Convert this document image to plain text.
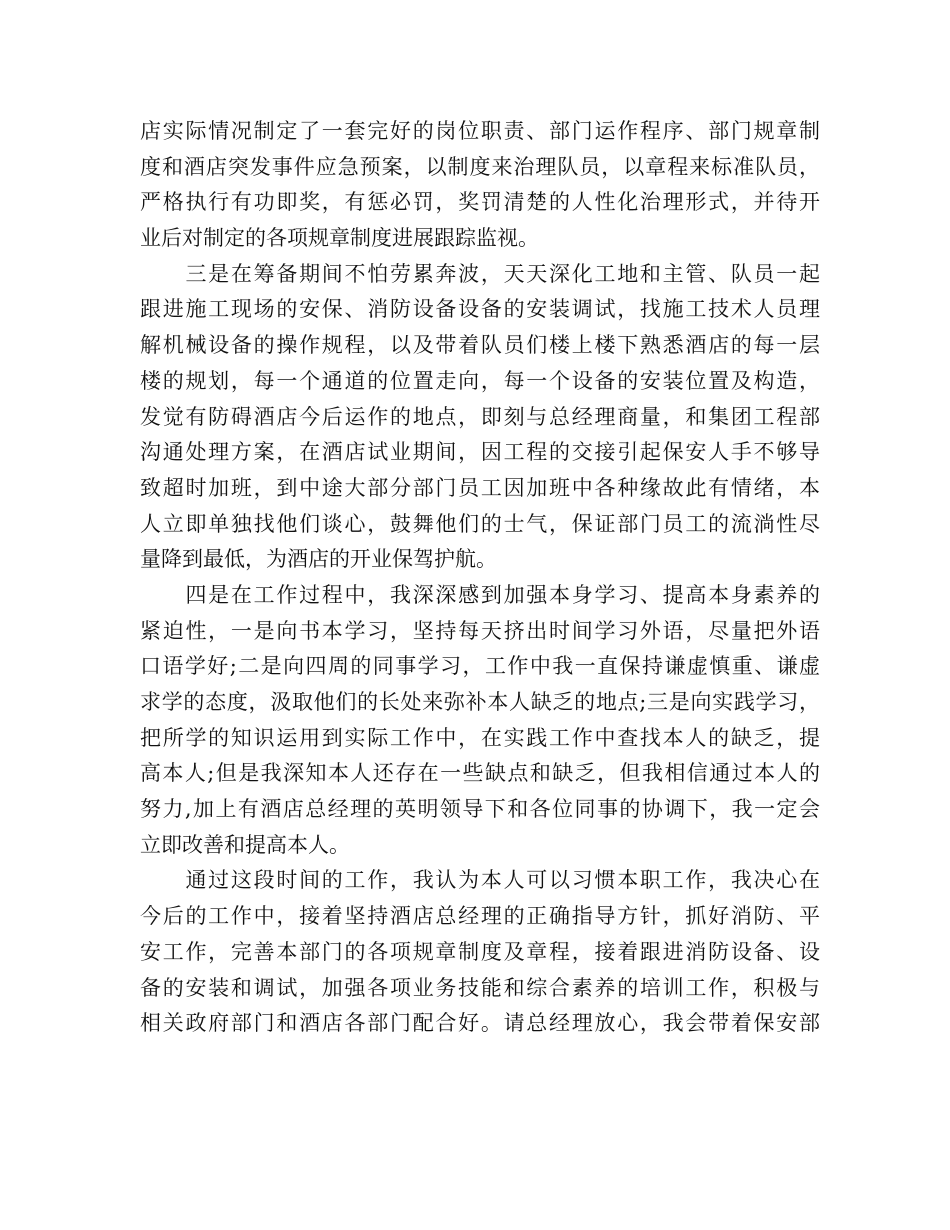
店实际情况制定了一套完好的岗位职责、部门运作程序、部门规章制
度和酒店突发事件应急预案，以制度来治理队员，以章程来标准队员，
严格执行有功即奖，有惩必罚，奖罚清楚的人性化治理形式，并待开
业后对制定的各项规章制度进展跟踪监视。
　　三是在筹备期间不怕劳累奔波，天天深化工地和主管、队员一起
跟进施工现场的安保、消防设备设备的安装调试，找施工技术人员理
解机械设备的操作规程，以及带着队员们楼上楼下熟悉酒店的每一层
楼的规划，每一个通道的位置走向，每一个设备的安装位置及构造，
发觉有防碍酒店今后运作的地点，即刻与总经理商量，和集团工程部
沟通处理方案，在酒店试业期间，因工程的交接引起保安人手不够导
致超时加班，到中途大部分部门员工因加班中各种缘故此有情绪，本
人立即单独找他们谈心，鼓舞他们的士气，保证部门员工的流淌性尽
量降到最低，为酒店的开业保驾护航。
　　四是在工作过程中，我深深感到加强本身学习、提高本身素养的
紧迫性，一是向书本学习，坚持每天挤出时间学习外语，尽量把外语
口语学好;二是向四周的同事学习，工作中我一直保持谦虚慎重、谦虚
求学的态度，汲取他们的长处来弥补本人缺乏的地点;三是向实践学习，
把所学的知识运用到实际工作中，在实践工作中查找本人的缺乏，提
高本人;但是我深知本人还存在一些缺点和缺乏，但我相信通过本人的
努力,加上有酒店总经理的英明领导下和各位同事的协调下，我一定会
立即改善和提高本人。
　　通过这段时间的工作，我认为本人可以习惯本职工作，我决心在
今后的工作中，接着坚持酒店总经理的正确指导方针，抓好消防、平
安工作，完善本部门的各项规章制度及章程，接着跟进消防设备、设
备的安装和调试，加强各项业务技能和综合素养的培训工作，积极与
相关政府部门和酒店各部门配合好。请总经理放心，我会带着保安部
